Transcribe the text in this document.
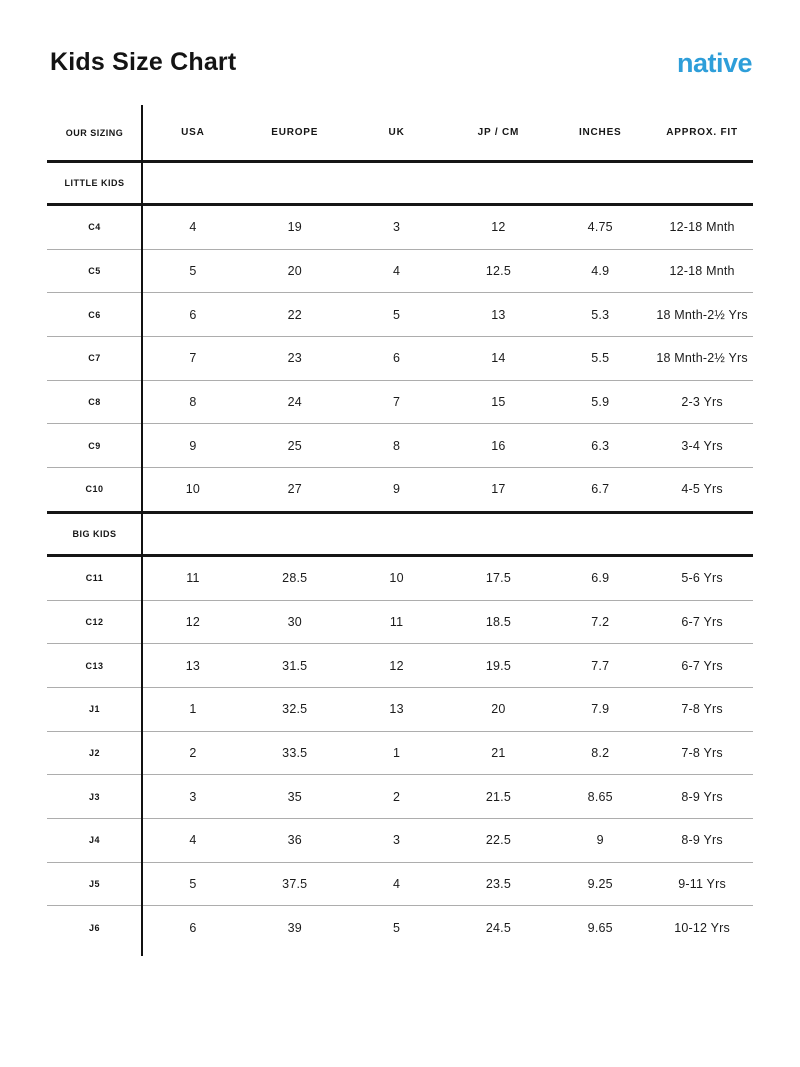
Kids Size Chart	native
OUR SIZING	USA	EUROPE	UK	JP / CM	INCHES	APPROX. FIT
LITTLE KIDS
C4	4	19	3	12	4.75	12-18 Mnth
C5	5	20	4	12.5	4.9	12-18 Mnth
C6	6	22	5	13	5.3	18 Mnth-2½ Yrs
C7	7	23	6	14	5.5	18 Mnth-2½ Yrs
C8	8	24	7	15	5.9	2-3 Yrs
C9	9	25	8	16	6.3	3-4 Yrs
C10	10	27	9	17	6.7	4-5 Yrs
BIG KIDS
C11	11	28.5	10	17.5	6.9	5-6 Yrs
C12	12	30	11	18.5	7.2	6-7 Yrs
C13	13	31.5	12	19.5	7.7	6-7 Yrs
J1	1	32.5	13	20	7.9	7-8 Yrs
J2	2	33.5	1	21	8.2	7-8 Yrs
J3	3	35	2	21.5	8.65	8-9 Yrs
J4	4	36	3	22.5	9	8-9 Yrs
J5	5	37.5	4	23.5	9.25	9-11 Yrs
J6	6	39	5	24.5	9.65	10-12 Yrs
